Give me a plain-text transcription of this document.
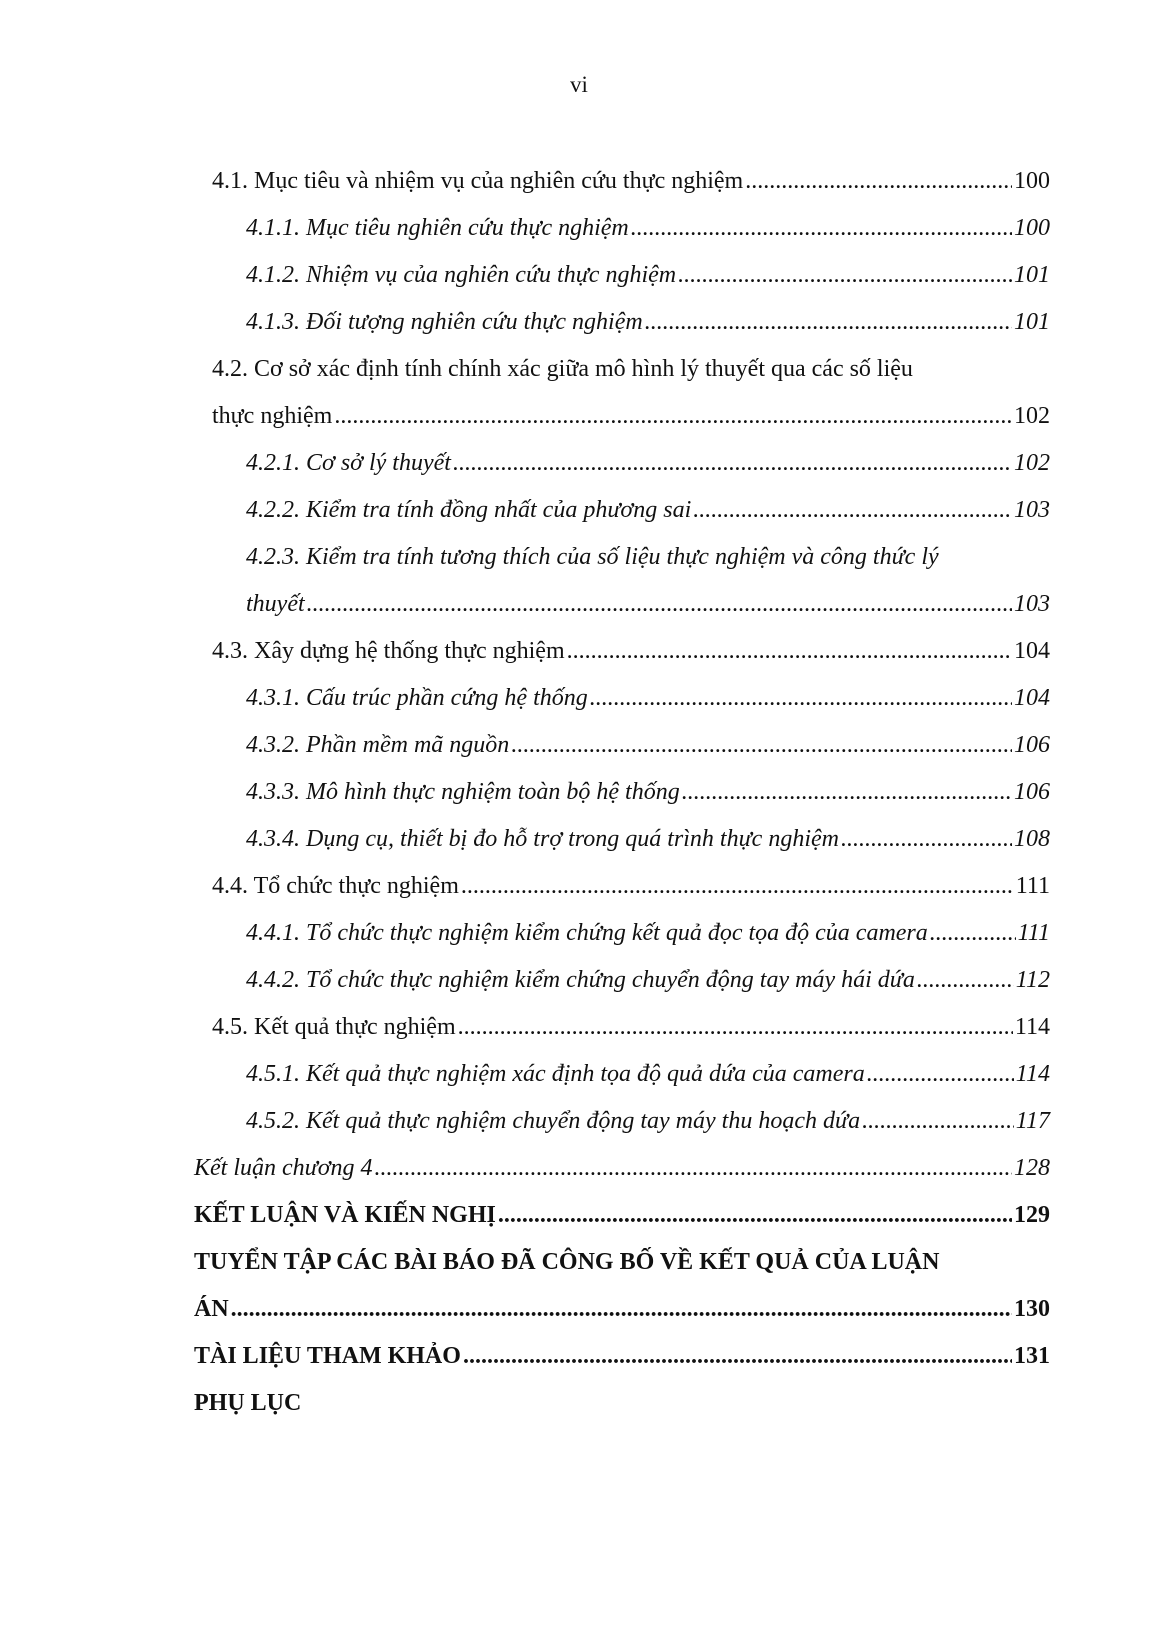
vi
4.1. Mục tiêu và nhiệm vụ của nghiên cứu thực nghiệm .....	100
4.1.1. Mục tiêu nghiên cứu thực nghiệm .....	100
4.1.2. Nhiệm vụ của nghiên cứu thực nghiệm .....	101
4.1.3. Đối tượng nghiên cứu thực nghiệm .....	101
4.2. Cơ sở xác định tính chính xác giữa mô hình lý thuyết qua các số liệu
thực nghiệm .....	102
4.2.1. Cơ sở lý thuyết .....	102
4.2.2. Kiểm tra tính đồng nhất của phương sai .....	103
4.2.3. Kiểm tra tính tương thích của số liệu thực nghiệm và công thức lý
thuyết .....	103
4.3. Xây dựng hệ thống thực nghiệm .....	104
4.3.1. Cấu trúc phần cứng hệ thống .....	104
4.3.2. Phần mềm mã nguồn .....	106
4.3.3. Mô hình thực nghiệm toàn bộ hệ thống .....	106
4.3.4. Dụng cụ, thiết bị đo hỗ trợ trong quá trình thực nghiệm .....	108
4.4. Tổ chức thực nghiệm .....	111
4.4.1. Tổ chức thực nghiệm kiểm chứng kết quả đọc tọa độ của camera .....	111
4.4.2. Tổ chức thực nghiệm kiểm chứng chuyển động tay máy hái dứa .....	112
4.5. Kết quả thực nghiệm .....	114
4.5.1. Kết quả thực nghiệm xác định tọa độ quả dứa của camera .....	114
4.5.2. Kết quả thực nghiệm chuyển động tay máy thu hoạch dứa .....	117
Kết luận chương 4 .....	128
KẾT LUẬN VÀ KIẾN NGHỊ .....	129
TUYỂN TẬP CÁC BÀI BÁO ĐÃ CÔNG BỐ VỀ KẾT QUẢ CỦA LUẬN
ÁN .....	130
TÀI LIỆU THAM KHẢO .....	131
PHỤ LỤC
